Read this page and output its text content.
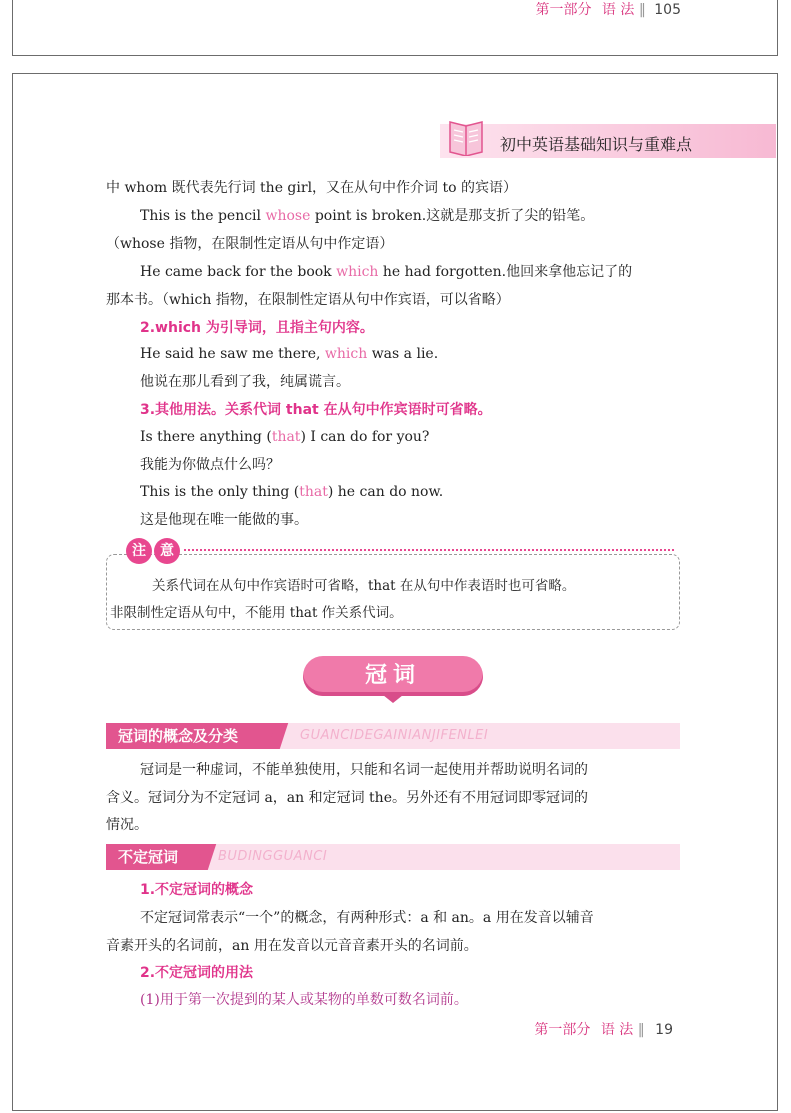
第一部分 语 法 ‖ 105
初中英语基础知识与重难点
中 whom 既代表先行词 the girl，又在从句中作介词 to 的宾语）
This is the pencil whose point is broken.这就是那支折了尖的铅笔。
（whose 指物，在限制性定语从句中作定语）
He came back for the book which he had forgotten.他回来拿他忘记了的
那本书。（which 指物，在限制性定语从句中作宾语，可以省略）
2.which 为引导词，且指主句内容。
He said he saw me there, which was a lie.
他说在那儿看到了我，纯属谎言。
3.其他用法。关系代词 that 在从句中作宾语时可省略。
Is there anything (that) I can do for you?
我能为你做点什么吗？
This is the only thing (that) he can do now.
这是他现在唯一能做的事。
注	意
关系代词在从句中作宾语时可省略，that 在从句中作表语时也可省略。
非限制性定语从句中，不能用 that 作关系代词。
冠词
冠词的概念及分类	GUANCIDEGAINIANJIFENLEI
冠词是一种虚词，不能单独使用，只能和名词一起使用并帮助说明名词的
含义。冠词分为不定冠词 a，an 和定冠词 the。另外还有不用冠词即零冠词的
情况。
不定冠词	BUDINGGUANCI
1.不定冠词的概念
不定冠词常表示“一个”的概念，有两种形式：a 和 an。a 用在发音以辅音
音素开头的名词前，an 用在发音以元音音素开头的名词前。
2.不定冠词的用法
(1)用于第一次提到的某人或某物的单数可数名词前。
第一部分 语 法 ‖ 19
